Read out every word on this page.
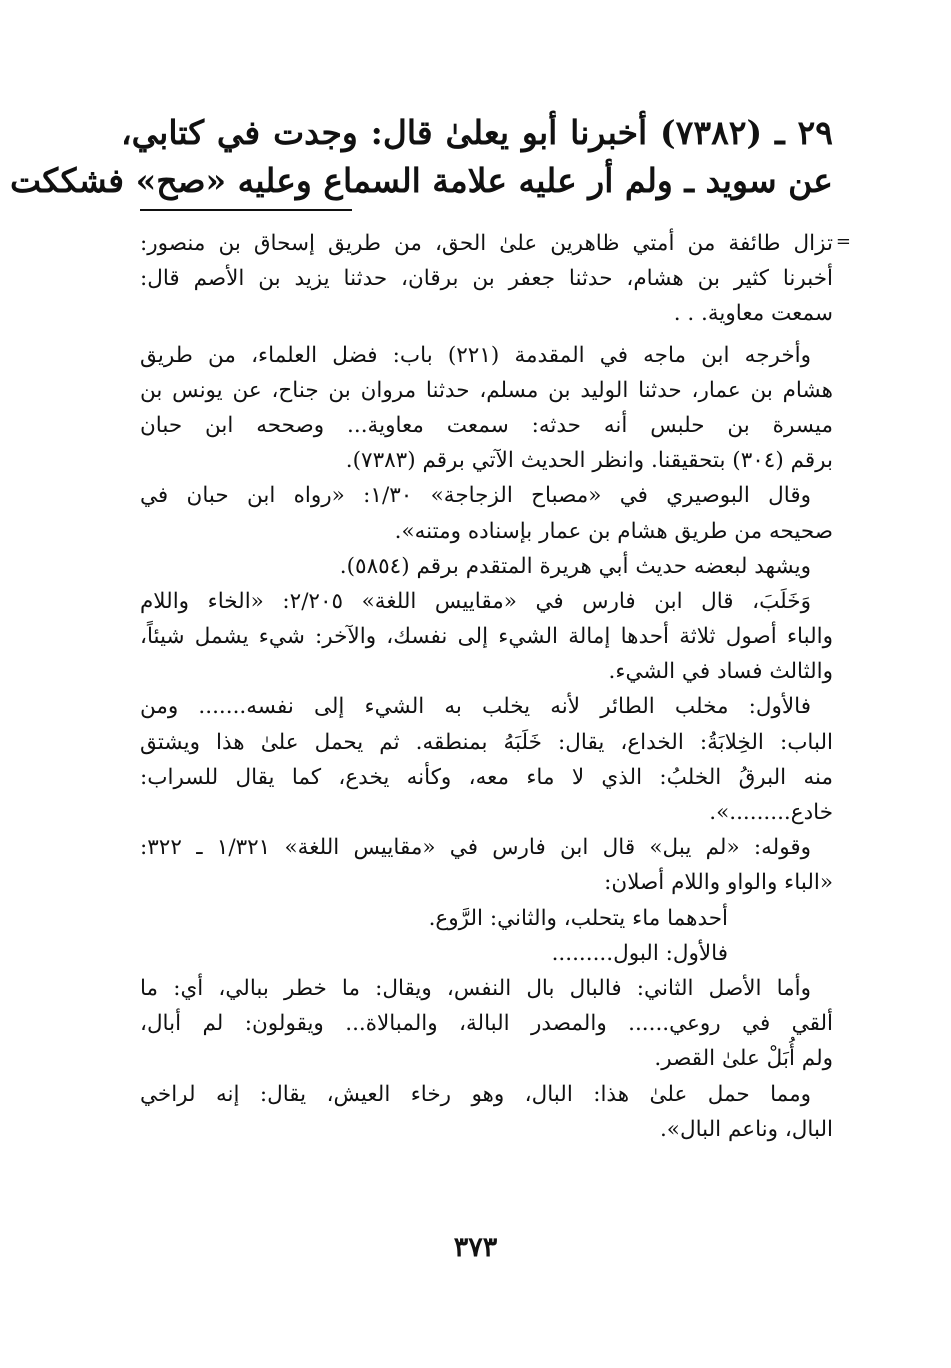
٢٩ ـ (٧٣٨٢) أخبرنا أبو يعلىٰ قال: وجدت في كتابي،
عن سويد ـ ولم أر عليه علامة السماع وعليه «صح» فشككت
=
تزال طائفة من أمتي ظاهرين علىٰ الحق، من طريق إسحاق بن منصور:
أخبرنا كثير بن هشام، حدثنا جعفر بن برقان، حدثنا يزيد بن الأصم قال:
سمعت معاوية. . .
وأخرجه ابن ماجه في المقدمة (٢٢١) باب: فضل العلماء، من طريق
هشام بن عمار، حدثنا الوليد بن مسلم، حدثنا مروان بن جناح، عن يونس بن
ميسرة بن حلبس أنه حدثه: سمعت معاوية... وصححه ابن حبان
برقم (٣٠٤) بتحقيقنا. وانظر الحديث الآتي برقم (٧٣٨٣).
وقال البوصيري في «مصباح الزجاجة» ١/٣٠: «رواه ابن حبان في
صحيحه من طريق هشام بن عمار بإسناده ومتنه».
ويشهد لبعضه حديث أبي هريرة المتقدم برقم (٥٨٥٤).
وَخَلَبَ، قال ابن فارس في «مقاييس اللغة» ٢/٢٠٥: «الخاء واللام
والباء أصول ثلاثة أحدها إمالة الشيء إلى نفسك، والآخر: شيء يشمل شيئاً،
والثالث فساد في الشيء.
فالأول: مخلب الطائر لأنه يخلب به الشيء إلى نفسه....... ومن
الباب: الخِلابَةُ: الخداع، يقال: خَلَبَهُ بمنطقه. ثم يحمل علىٰ هذا ويشتق
منه البرقُ الخلبُ: الذي لا ماء معه، وكأنه يخدع، كما يقال للسراب:
خادع.........».
وقوله: «لم يبل» قال ابن فارس في «مقاييس اللغة» ١/٣٢١ ـ ٣٢٢:
«الباء والواو واللام أصلان:
أحدهما ماء يتحلب، والثاني: الرَّوع.
فالأول: البول.........
وأما الأصل الثاني: فالبال بال النفس، ويقال: ما خطر ببالي، أي: ما
ألقي في روعي...... والمصدر البالة، والمبالاة... ويقولون: لم أبال،
ولم أُبَلْ علىٰ القصر.
ومما حمل علىٰ هذا: البال، وهو رخاء العيش، يقال: إنه لراخي
البال، وناعم البال».
٣٧٣
